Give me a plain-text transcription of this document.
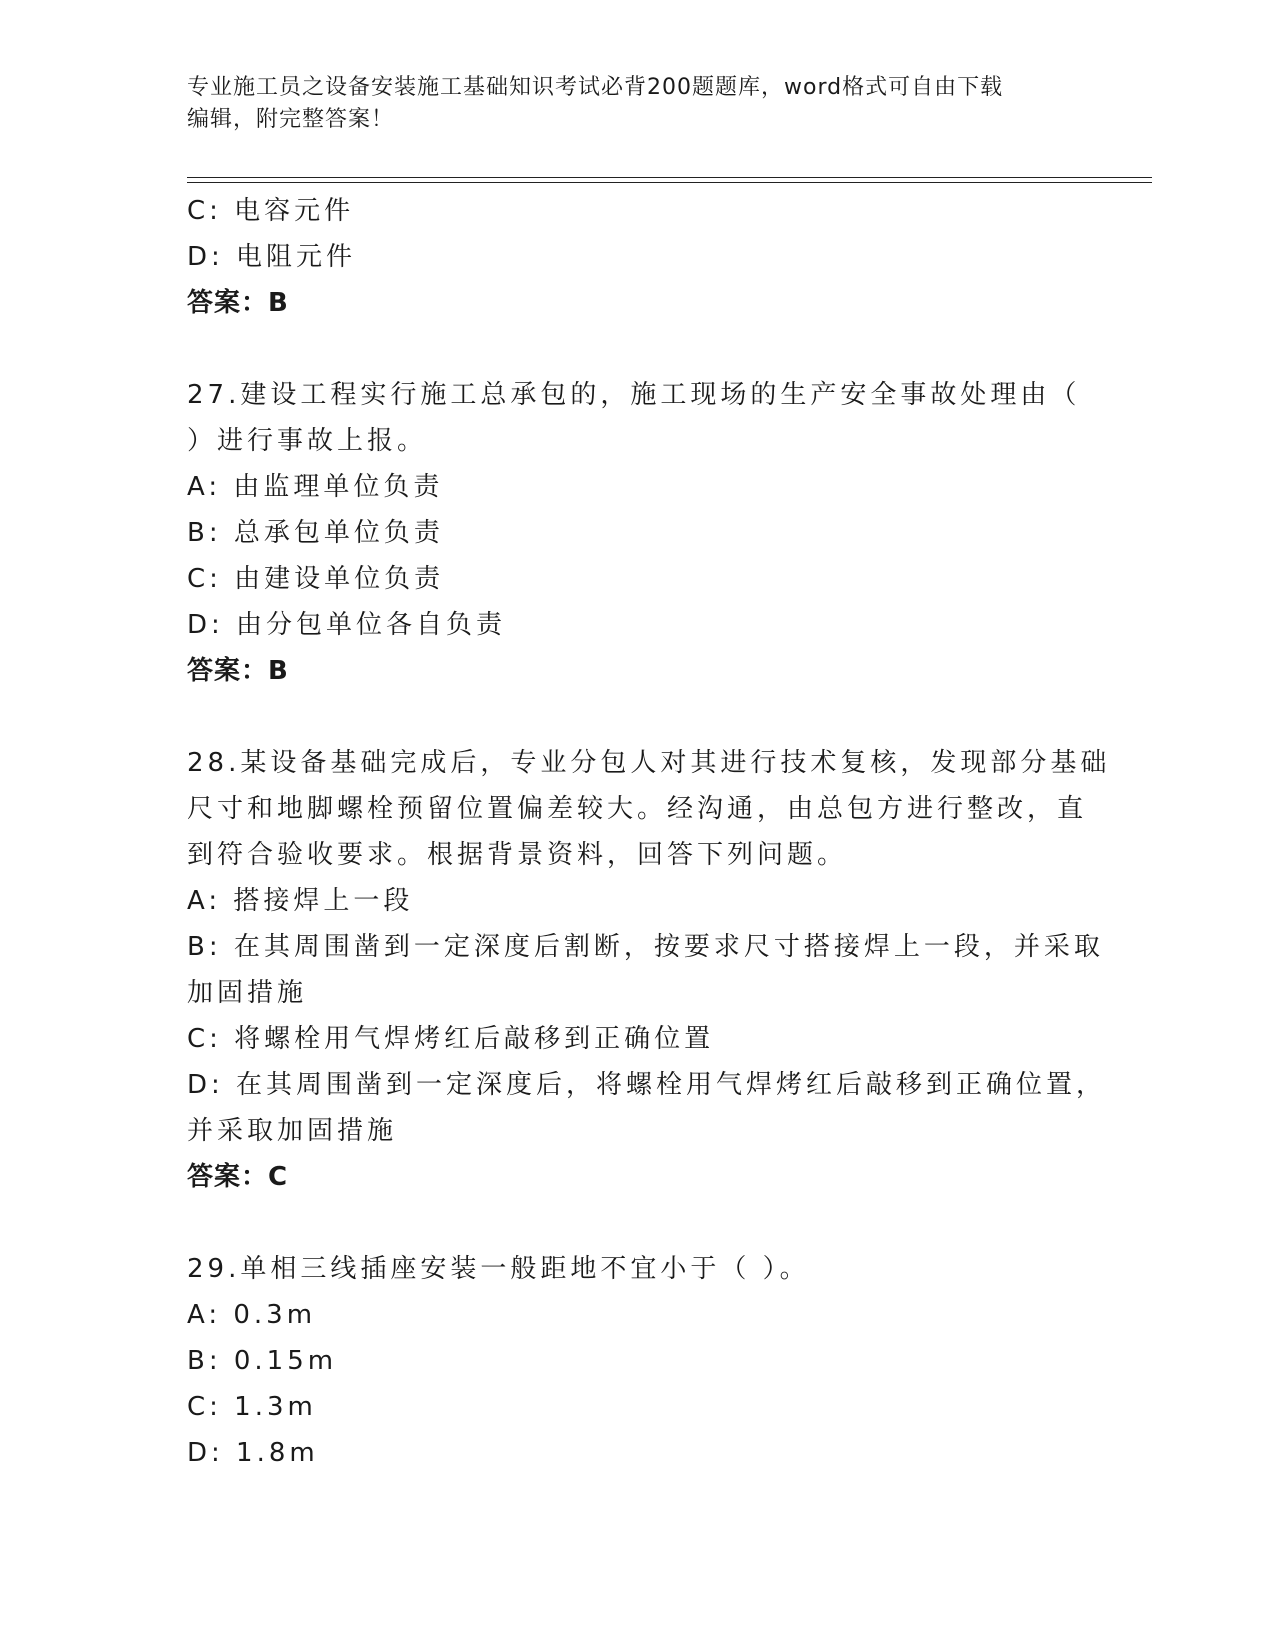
专业施工员之设备安装施工基础知识考试必背200题题库，word格式可自由下载
编辑，附完整答案！
C: 电容元件
D: 电阻元件
答案：B
27.建设工程实行施工总承包的，施工现场的生产安全事故处理由（
）进行事故上报。
A: 由监理单位负责
B: 总承包单位负责
C: 由建设单位负责
D: 由分包单位各自负责
答案：B
28.某设备基础完成后，专业分包人对其进行技术复核，发现部分基础
尺寸和地脚螺栓预留位置偏差较大。经沟通，由总包方进行整改，直
到符合验收要求。根据背景资料，回答下列问题。
A: 搭接焊上一段
B: 在其周围凿到一定深度后割断，按要求尺寸搭接焊上一段，并采取
加固措施
C: 将螺栓用气焊烤红后敲移到正确位置
D: 在其周围凿到一定深度后，将螺栓用气焊烤红后敲移到正确位置，
并采取加固措施
答案：C
29.单相三线插座安装一般距地不宜小于（ ）。
A: 0.3m
B: 0.15m
C: 1.3m
D: 1.8m
